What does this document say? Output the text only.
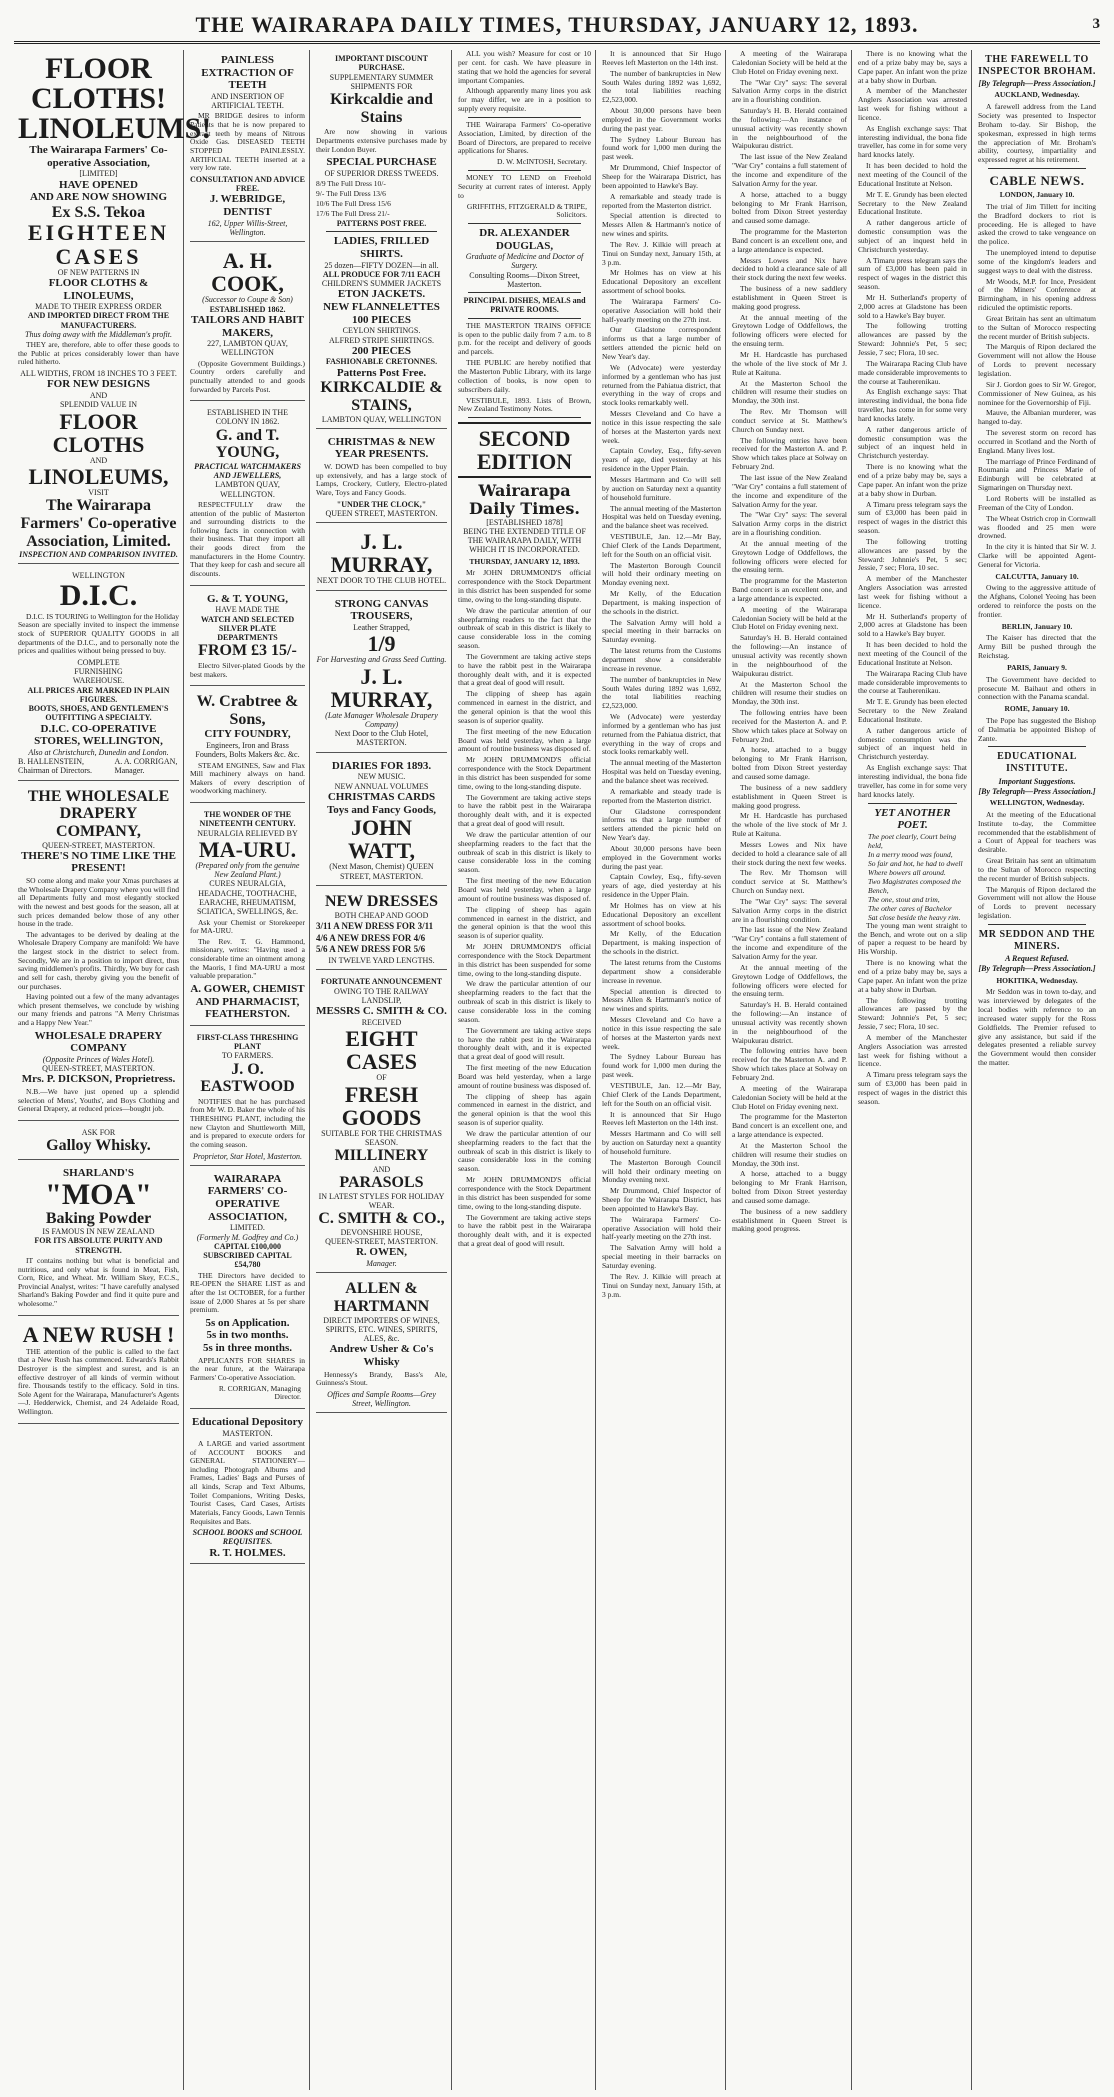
THE WAIRARAPA DAILY TIMES, THURSDAY, JANUARY 12, 1893.	3
FLOOR CLOTHS!
LINOLEUMS!
The Wairarapa Farmers' Co-operative Association,
[LIMITED]
HAVE OPENED
AND ARE NOW SHOWING
Ex S.S. Tekoa
EIGHTEEN CASES
OF NEW PATTERNS IN
FLOOR CLOTHS & LINOLEUMS,
MADE TO THEIR EXPRESS ORDER
AND IMPORTED DIRECT FROM THE MANUFACTURERS.
Thus doing away with the Middleman's profit.

THEY are, therefore, able to offer these goods to the Public at prices considerably lower than have ruled hitherto.

ALL WIDTHS, FROM 18 INCHES TO 3 FEET.
FOR NEW DESIGNS
AND
SPLENDID VALUE IN
FLOOR CLOTHS
AND
LINOLEUMS,
VISIT
The Wairarapa Farmers' Co-operative Association, Limited.
INSPECTION AND COMPARISON INVITED.
WELLINGTON
D.I.C.

D.I.C. IS TOURING to Wellington for the Holiday Season are specially invited to inspect the immense stock of SUPERIOR QUALITY GOODS in all departments of the D.I.C., and to personally note the prices and qualities without being pressed to buy.

COMPLETE
FURNISHING
WAREHOUSE.
ALL PRICES ARE MARKED IN PLAIN FIGURES.
BOOTS, SHOES, AND GENTLEMEN'S OUTFITTING A SPECIALTY.
D.I.C. CO-OPERATIVE STORES, WELLINGTON,
Also at Christchurch, Dunedin and London.
B. HALLENSTEIN, Chairman of Directors.
A. A. CORRIGAN, Manager.
THE WHOLESALE DRAPERY COMPANY,
QUEEN-STREET, MASTERTON.
THERE'S NO TIME LIKE THE PRESENT!

SO come along and make your Xmas purchases at the Wholesale Drapery Company where you will find all Departments fully and most elegantly stocked with the newest and best goods for the season, all at such prices demanded below those of any other house in the trade.

The advantages to be derived by dealing at the Wholesale Drapery Company are manifold: We have the largest stock in the district to select from. Secondly, We are in a position to import direct, thus saving middlemen's profits. Thirdly, We buy for cash and sell for cash, thereby giving you the benefit of our purchases.

Having pointed out a few of the many advantages which present themselves, we conclude by wishing our many friends and patrons "A Merry Christmas and a Happy New Year."

WHOLESALE DRAPERY COMPANY
(Opposite Princes of Wales Hotel).
QUEEN-STREET, MASTERTON.
Mrs. P. DICKSON, Proprietress.

N.B.—We have just opened up a splendid selection of Mens', Youths', and Boys Clothing and General Drapery, at reduced prices—bought job.

ASK FOR
Galloy Whisky.
SHARLAND'S
"MOA"
Baking Powder
IS FAMOUS IN NEW ZEALAND
FOR ITS ABSOLUTE PURITY AND STRENGTH.

IT contains nothing but what is beneficial and nutritious, and only what is found in Meat, Fish, Corn, Rice, and Wheat. Mr. William Skey, F.C.S., Provincial Analyst, writes: "I have carefully analysed Sharland's Baking Powder and find it quite pure and wholesome."

A NEW RUSH !

THE attention of the public is called to the fact that a New Rush has commenced. Edwards's Rabbit Destroyer is the simplest and surest, and is an effective destroyer of all kinds of vermin without fire. Thousands testify to the efficacy. Sold in tins. Sole Agent for the Wairarapa, Manufacturer's Agents—J. Hedderwick, Chemist, and 24 Adelaide Road, Wellington.

PAINLESS EXTRACTION OF TEETH
AND INSERTION OF ARTIFICIAL TEETH.

MR BRIDGE desires to inform Patients that he is now prepared to extract teeth by means of Nitrous Oxide Gas. DISEASED TEETH STOPPED PAINLESSLY. ARTIFICIAL TEETH inserted at a very low rate.

CONSULTATION AND ADVICE FREE.
J. WEBRIDGE, DENTIST
162, Upper Willis-Street, Wellington.
A. H. COOK,
(Successor to Coupe & Son)
ESTABLISHED 1862.
TAILORS AND HABIT MAKERS,
227, LAMBTON QUAY, WELLINGTON

(Opposite Government Buildings.) Country orders carefully and punctually attended to and goods forwarded by Parcels Post.

ESTABLISHED IN THE COLONY IN 1862.
G. and T. YOUNG,
PRACTICAL WATCHMAKERS AND JEWELLERS,
LAMBTON QUAY, WELLINGTON.

RESPECTFULLY draw the attention of the public of Masterton and surrounding districts to the following facts in connection with their business. That they import all their goods direct from the manufacturers in the Home Country. That they keep for cash and secure all discounts.

G. & T. YOUNG,
HAVE MADE THE
WATCH AND SELECTED SILVER PLATE DEPARTMENTS
FROM £3 15/-

Electro Silver-plated Goods by the best makers.

W. Crabtree & Sons,
CITY FOUNDRY,
Engineers, Iron and Brass Founders, Bolts Makers &c. &c.

STEAM ENGINES, Saw and Flax Mill machinery always on hand. Makers of every description of woodworking machinery.

THE WONDER OF THE NINETEENTH CENTURY.
NEURALGIA RELIEVED BY
MA-URU.
(Prepared only from the genuine New Zealand Plant.)
CURES NEURALGIA, HEADACHE, TOOTHACHE, EARACHE, RHEUMATISM, SCIATICA, SWELLINGS, &c.

Ask your Chemist or Storekeeper for MA-URU.

The Rev. T. G. Hammond, missionary, writes: "Having used a considerable time an ointment among the Maoris, I find MA-URU a most valuable preparation."

A. GOWER, CHEMIST AND PHARMACIST, FEATHERSTON.
FIRST-CLASS THRESHING PLANT
TO FARMERS.
J. O. EASTWOOD

NOTIFIES that he has purchased from Mr W. D. Baker the whole of his THRESHING PLANT, including the new Clayton and Shuttleworth Mill, and is prepared to execute orders for the coming season.

Proprietor, Star Hotel, Masterton.
WAIRARAPA FARMERS' CO-OPERATIVE ASSOCIATION,
LIMITED.
(Formerly M. Godfrey and Co.)
CAPITAL £100,000
SUBSCRIBED CAPITAL £54,780

THE Directors have decided to RE-OPEN the SHARE LIST as and after the 1st OCTOBER, for a further issue of 2,000 Shares at 5s per share premium.

5s on Application.
5s in two months.
5s in three months.

APPLICANTS FOR SHARES in the near future, at the Wairarapa Farmers' Co-operative Association.

R. CORRIGAN, Managing Director.
Educational Depository
MASTERTON.

A LARGE and varied assortment of ACCOUNT BOOKS and GENERAL STATIONERY—including Photograph Albums and Frames, Ladies' Bags and Purses of all kinds, Scrap and Text Albums, Toilet Companions, Writing Desks, Tourist Cases, Card Cases, Artists Materials, Fancy Goods, Lawn Tennis Requisites and Bats.

SCHOOL BOOKS and SCHOOL REQUISITES.
R. T. HOLMES.
IMPORTANT DISCOUNT PURCHASE.
SUPPLEMENTARY SUMMER SHIPMENTS FOR
Kirkcaldie and Stains

Are now showing in various Departments extensive purchases made by their London Buyer.

SPECIAL PURCHASE
OF SUPERIOR DRESS TWEEDS.
8/9 The Full Dress 10/-
9/- The Full Dress 13/6
10/6 The Full Dress 15/6
17/6 The Full Dress 21/-
PATTERNS POST FREE.
LADIES, FRILLED SHIRTS.
25 dozen—FIFTY DOZEN—in all.
ALL PRODUCE FOR 7/11 EACH
CHILDREN'S SUMMER JACKETS
ETON JACKETS.
NEW FLANNELETTES
100 PIECES
CEYLON SHIRTINGS.
ALFRED STRIPE SHIRTINGS.
200 PIECES
FASHIONABLE CRETONNES.
Patterns Post Free.
KIRKCALDIE & STAINS,
LAMBTON QUAY, WELLINGTON
CHRISTMAS & NEW YEAR PRESENTS.

W. DOWD has been compelled to buy up extensively, and has a large stock of Lamps, Crockery, Cutlery, Electro-plated Ware, Toys and Fancy Goods.

"UNDER THE CLOCK,"
QUEEN STREET, MASTERTON.
J. L. MURRAY,
NEXT DOOR TO THE CLUB HOTEL.
STRONG CANVAS TROUSERS,
Leather Strapped,
1/9
For Harvesting and Grass Seed Cutting.
J. L. MURRAY,
(Late Manager Wholesale Drapery Company)
Next Door to the Club Hotel, MASTERTON.
DIARIES FOR 1893.
NEW MUSIC.
NEW ANNUAL VOLUMES
CHRISTMAS CARDS
Toys and Fancy Goods,
JOHN WATT,
(Next Mason, Chemist) QUEEN STREET, MASTERTON.
NEW DRESSES
BOTH CHEAP AND GOOD
3/11 A NEW DRESS FOR 3/11
4/6 A NEW DRESS FOR 4/6
5/6 A NEW DRESS FOR 5/6
IN TWELVE YARD LENGTHS.
FORTUNATE ANNOUNCEMENT
OWING TO THE RAILWAY LANDSLIP,
MESSRS C. SMITH & CO.
RECEIVED
EIGHT CASES
OF
FRESH GOODS
SUITABLE FOR THE CHRISTMAS SEASON.
MILLINERY
AND
PARASOLS
IN LATEST STYLES FOR HOLIDAY WEAR.
C. SMITH & CO.,
DEVONSHIRE HOUSE,
QUEEN-STREET, MASTERTON.
R. OWEN,
Manager.
ALLEN & HARTMANN
DIRECT IMPORTERS OF WINES, SPIRITS, ETC. WINES, SPIRITS, ALES, &c.
Andrew Usher & Co's Whisky

Hennessy's Brandy, Bass's Ale, Guinness's Stout.

Offices and Sample Rooms—Grey Street, Wellington.

ALL you wish? Measure for cost or 10 per cent. for cash. We have pleasure in stating that we hold the agencies for several important Companies.

Although apparently many lines you ask for may differ, we are in a position to supply every requisite.

THE Wairarapa Farmers' Co-operative Association, Limited, by direction of the Board of Directors, are prepared to receive applications for Shares.

D. W. McINTOSH, Secretary.

MONEY TO LEND on Freehold Security at current rates of interest. Apply to

GRIFFITHS, FITZGERALD & TRIPE, Solicitors.
DR. ALEXANDER DOUGLAS,
Graduate of Medicine and Doctor of Surgery.
Consulting Rooms—Dixon Street, Masterton.
PRINCIPAL DISHES, MEALS and PRIVATE ROOMS.

THE MASTERTON TRAINS OFFICE is open to the public daily from 7 a.m. to 8 p.m. for the receipt and delivery of goods and parcels.

THE PUBLIC are hereby notified that the Masterton Public Library, with its large collection of books, is now open to subscribers daily.

VESTIBULE, 1893. Lists of Brown, New Zealand Testimony Notes.

SECOND EDITION
Wairarapa Daily Times.
[ESTABLISHED 1878]
BEING THE EXTENDED TITLE OF THE WAIRARAPA DAILY, WITH WHICH IT IS INCORPORATED.
THURSDAY, JANUARY 12, 1893.

Mr JOHN DRUMMOND'S official correspondence with the Stock Department in this district has been suspended for some time, owing to the long-standing dispute.

We draw the particular attention of our sheepfarming readers to the fact that the outbreak of scab in this district is likely to cause considerable loss in the coming season.

The Government are taking active steps to have the rabbit pest in the Wairarapa thoroughly dealt with, and it is expected that a great deal of good will result.

The clipping of sheep has again commenced in earnest in the district, and the general opinion is that the wool this season is of superior quality.

The first meeting of the new Education Board was held yesterday, when a large amount of routine business was disposed of.

Mr JOHN DRUMMOND'S official correspondence with the Stock Department in this district has been suspended for some time, owing to the long-standing dispute.

The Government are taking active steps to have the rabbit pest in the Wairarapa thoroughly dealt with, and it is expected that a great deal of good will result.

We draw the particular attention of our sheepfarming readers to the fact that the outbreak of scab in this district is likely to cause considerable loss in the coming season.

The first meeting of the new Education Board was held yesterday, when a large amount of routine business was disposed of.

The clipping of sheep has again commenced in earnest in the district, and the general opinion is that the wool this season is of superior quality.

Mr JOHN DRUMMOND'S official correspondence with the Stock Department in this district has been suspended for some time, owing to the long-standing dispute.

We draw the particular attention of our sheepfarming readers to the fact that the outbreak of scab in this district is likely to cause considerable loss in the coming season.

The Government are taking active steps to have the rabbit pest in the Wairarapa thoroughly dealt with, and it is expected that a great deal of good will result.

The first meeting of the new Education Board was held yesterday, when a large amount of routine business was disposed of.

The clipping of sheep has again commenced in earnest in the district, and the general opinion is that the wool this season is of superior quality.

We draw the particular attention of our sheepfarming readers to the fact that the outbreak of scab in this district is likely to cause considerable loss in the coming season.

Mr JOHN DRUMMOND'S official correspondence with the Stock Department in this district has been suspended for some time, owing to the long-standing dispute.

The Government are taking active steps to have the rabbit pest in the Wairarapa thoroughly dealt with, and it is expected that a great deal of good will result.

It is announced that Sir Hugo Reeves left Masterton on the 14th inst.

The number of bankruptcies in New South Wales during 1892 was 1,692, the total liabilities reaching £2,523,000.

About 30,000 persons have been employed in the Government works during the past year.

The Sydney Labour Bureau has found work for 1,000 men during the past week.

Mr Drummond, Chief Inspector of Sheep for the Wairarapa District, has been appointed to Hawke's Bay.

A remarkable and steady trade is reported from the Masterton district.

Special attention is directed to Messrs Allen & Hartmann's notice of new wines and spirits.

The Rev. J. Kilkie will preach at Tinui on Sunday next, January 15th, at 3 p.m.

Mr Holmes has on view at his Educational Depository an excellent assortment of school books.

The Wairarapa Farmers' Co-operative Association will hold their half-yearly meeting on the 27th inst.

Our Gladstone correspondent informs us that a large number of settlers attended the picnic held on New Year's day.

We (Advocate) were yesterday informed by a gentleman who has just returned from the Pahiatua district, that everything in the way of crops and stock looks remarkably well.

Messrs Cleveland and Co have a notice in this issue respecting the sale of horses at the Masterton yards next week.

Captain Cowley, Esq., fifty-seven years of age, died yesterday at his residence in the Upper Plain.

Messrs Hartmann and Co will sell by auction on Saturday next a quantity of household furniture.

The annual meeting of the Masterton Hospital was held on Tuesday evening, and the balance sheet was received.

VESTIBULE, Jan. 12.—Mr Bay, Chief Clerk of the Lands Department, left for the South on an official visit.

The Masterton Borough Council will hold their ordinary meeting on Monday evening next.

Mr Kelly, of the Education Department, is making inspection of the schools in the district.

The Salvation Army will hold a special meeting in their barracks on Saturday evening.

The latest returns from the Customs department show a considerable increase in revenue.

The number of bankruptcies in New South Wales during 1892 was 1,692, the total liabilities reaching £2,523,000.

We (Advocate) were yesterday informed by a gentleman who has just returned from the Pahiatua district, that everything in the way of crops and stock looks remarkably well.

The annual meeting of the Masterton Hospital was held on Tuesday evening, and the balance sheet was received.

A remarkable and steady trade is reported from the Masterton district.

Our Gladstone correspondent informs us that a large number of settlers attended the picnic held on New Year's day.

About 30,000 persons have been employed in the Government works during the past year.

Captain Cowley, Esq., fifty-seven years of age, died yesterday at his residence in the Upper Plain.

Mr Holmes has on view at his Educational Depository an excellent assortment of school books.

Mr Kelly, of the Education Department, is making inspection of the schools in the district.

The latest returns from the Customs department show a considerable increase in revenue.

Special attention is directed to Messrs Allen & Hartmann's notice of new wines and spirits.

Messrs Cleveland and Co have a notice in this issue respecting the sale of horses at the Masterton yards next week.

The Sydney Labour Bureau has found work for 1,000 men during the past week.

VESTIBULE, Jan. 12.—Mr Bay, Chief Clerk of the Lands Department, left for the South on an official visit.

It is announced that Sir Hugo Reeves left Masterton on the 14th inst.

Messrs Hartmann and Co will sell by auction on Saturday next a quantity of household furniture.

The Masterton Borough Council will hold their ordinary meeting on Monday evening next.

Mr Drummond, Chief Inspector of Sheep for the Wairarapa District, has been appointed to Hawke's Bay.

The Wairarapa Farmers' Co-operative Association will hold their half-yearly meeting on the 27th inst.

The Salvation Army will hold a special meeting in their barracks on Saturday evening.

The Rev. J. Kilkie will preach at Tinui on Sunday next, January 15th, at 3 p.m.

A meeting of the Wairarapa Caledonian Society will be held at the Club Hotel on Friday evening next.

The "War Cry" says: The several Salvation Army corps in the district are in a flourishing condition.

Saturday's H. B. Herald contained the following:—An instance of unusual activity was recently shown in the neighbourhood of the Waipukurau district.

The last issue of the New Zealand "War Cry" contains a full statement of the income and expenditure of the Salvation Army for the year.

A horse, attached to a buggy belonging to Mr Frank Harrison, bolted from Dixon Street yesterday and caused some damage.

The programme for the Masterton Band concert is an excellent one, and a large attendance is expected.

Messrs Lowes and Nix have decided to hold a clearance sale of all their stock during the next few weeks.

The business of a new saddlery establishment in Queen Street is making good progress.

At the annual meeting of the Greytown Lodge of Oddfellows, the following officers were elected for the ensuing term.

Mr H. Hardcastle has purchased the whole of the live stock of Mr J. Rule at Kaituna.

At the Masterton School the children will resume their studies on Monday, the 30th inst.

The Rev. Mr Thomson will conduct service at St. Matthew's Church on Sunday next.

The following entries have been received for the Masterton A. and P. Show which takes place at Solway on February 2nd.

The last issue of the New Zealand "War Cry" contains a full statement of the income and expenditure of the Salvation Army for the year.

The "War Cry" says: The several Salvation Army corps in the district are in a flourishing condition.

At the annual meeting of the Greytown Lodge of Oddfellows, the following officers were elected for the ensuing term.

The programme for the Masterton Band concert is an excellent one, and a large attendance is expected.

A meeting of the Wairarapa Caledonian Society will be held at the Club Hotel on Friday evening next.

Saturday's H. B. Herald contained the following:—An instance of unusual activity was recently shown in the neighbourhood of the Waipukurau district.

At the Masterton School the children will resume their studies on Monday, the 30th inst.

The following entries have been received for the Masterton A. and P. Show which takes place at Solway on February 2nd.

A horse, attached to a buggy belonging to Mr Frank Harrison, bolted from Dixon Street yesterday and caused some damage.

The business of a new saddlery establishment in Queen Street is making good progress.

Mr H. Hardcastle has purchased the whole of the live stock of Mr J. Rule at Kaituna.

Messrs Lowes and Nix have decided to hold a clearance sale of all their stock during the next few weeks.

The Rev. Mr Thomson will conduct service at St. Matthew's Church on Sunday next.

The "War Cry" says: The several Salvation Army corps in the district are in a flourishing condition.

The last issue of the New Zealand "War Cry" contains a full statement of the income and expenditure of the Salvation Army for the year.

At the annual meeting of the Greytown Lodge of Oddfellows, the following officers were elected for the ensuing term.

Saturday's H. B. Herald contained the following:—An instance of unusual activity was recently shown in the neighbourhood of the Waipukurau district.

The following entries have been received for the Masterton A. and P. Show which takes place at Solway on February 2nd.

A meeting of the Wairarapa Caledonian Society will be held at the Club Hotel on Friday evening next.

The programme for the Masterton Band concert is an excellent one, and a large attendance is expected.

At the Masterton School the children will resume their studies on Monday, the 30th inst.

A horse, attached to a buggy belonging to Mr Frank Harrison, bolted from Dixon Street yesterday and caused some damage.

The business of a new saddlery establishment in Queen Street is making good progress.

There is no knowing what the end of a prize baby may be, says a Cape paper. An infant won the prize at a baby show in Durban.

A member of the Manchester Anglers Association was arrested last week for fishing without a licence.

As English exchange says: That interesting individual, the bona fide traveller, has come in for some very hard knocks lately.

It has been decided to hold the next meeting of the Council of the Educational Institute at Nelson.

Mr T. E. Grundy has been elected Secretary to the New Zealand Educational Institute.

A rather dangerous article of domestic consumption was the subject of an inquest held in Christchurch yesterday.

A Timaru press telegram says the sum of £3,000 has been paid in respect of wages in the district this season.

Mr H. Sutherland's property of 2,000 acres at Gladstone has been sold to a Hawke's Bay buyer.

The following trotting allowances are passed by the Steward: Johnnie's Pet, 5 sec; Jessie, 7 sec; Flora, 10 sec.

The Wairarapa Racing Club have made considerable improvements to the course at Tauherenikau.

As English exchange says: That interesting individual, the bona fide traveller, has come in for some very hard knocks lately.

A rather dangerous article of domestic consumption was the subject of an inquest held in Christchurch yesterday.

There is no knowing what the end of a prize baby may be, says a Cape paper. An infant won the prize at a baby show in Durban.

A Timaru press telegram says the sum of £3,000 has been paid in respect of wages in the district this season.

The following trotting allowances are passed by the Steward: Johnnie's Pet, 5 sec; Jessie, 7 sec; Flora, 10 sec.

A member of the Manchester Anglers Association was arrested last week for fishing without a licence.

Mr H. Sutherland's property of 2,000 acres at Gladstone has been sold to a Hawke's Bay buyer.

It has been decided to hold the next meeting of the Council of the Educational Institute at Nelson.

The Wairarapa Racing Club have made considerable improvements to the course at Tauherenikau.

Mr T. E. Grundy has been elected Secretary to the New Zealand Educational Institute.

A rather dangerous article of domestic consumption was the subject of an inquest held in Christchurch yesterday.

As English exchange says: That interesting individual, the bona fide traveller, has come in for some very hard knocks lately.

YET ANOTHER POET.
The poet clearly, Court being held,
In a merry mood was found,
So fair and hot, he had to dwell
Where bowers all around.
Two Magistrates composed the Bench,
The one, stout and trim,
The other cares of Bachelor
Sat close beside the heavy rim.

The young man went straight to the Bench, and wrote out on a slip of paper a request to be heard by His Worship.

There is no knowing what the end of a prize baby may be, says a Cape paper. An infant won the prize at a baby show in Durban.

The following trotting allowances are passed by the Steward: Johnnie's Pet, 5 sec; Jessie, 7 sec; Flora, 10 sec.

A member of the Manchester Anglers Association was arrested last week for fishing without a licence.

A Timaru press telegram says the sum of £3,000 has been paid in respect of wages in the district this season.

THE FAREWELL TO INSPECTOR BROHAM.
[By Telegraph—Press Association.]
AUCKLAND, Wednesday.

A farewell address from the Land Society was presented to Inspector Broham to-day. Sir Bishop, the spokesman, expressed in high terms the appreciation of Mr. Broham's ability, courtesy, impartiality and expressed regret at his retirement.

CABLE NEWS.
LONDON, January 10.

The trial of Jim Tillett for inciting the Bradford dockers to riot is proceeding. He is alleged to have asked the crowd to take vengeance on the police.

The unemployed intend to deputise some of the kingdom's leaders and suggest ways to deal with the distress.

Mr Woods, M.P. for Ince, President of the Miners' Conference at Birmingham, in his opening address ridiculed the optimistic reports.

Great Britain has sent an ultimatum to the Sultan of Morocco respecting the recent murder of British subjects.

The Marquis of Ripon declared the Government will not allow the House of Lords to prevent necessary legislation.

Sir J. Gordon goes to Sir W. Gregor, Commissioner of New Guinea, as his nominee for the Governorship of Fiji.

Mauve, the Albanian murderer, was hanged to-day.

The severest storm on record has occurred in Scotland and the North of England. Many lives lost.

The marriage of Prince Ferdinand of Roumania and Princess Marie of Edinburgh will be celebrated at Sigmaringen on Thursday next.

Lord Roberts will be installed as Freeman of the City of London.

The Wheat Ostrich crop in Cornwall was flooded and 25 men were drowned.

In the city it is hinted that Sir W. J. Clarke will be appointed Agent-General for Victoria.

CALCUTTA, January 10.

Owing to the aggressive attitude of the Afghans, Colonel Yeoing has been ordered to reinforce the posts on the frontier.

BERLIN, January 10.

The Kaiser has directed that the Army Bill be pushed through the Reichstag.

PARIS, January 9.

The Government have decided to prosecute M. Baihaut and others in connection with the Panama scandal.

ROME, January 10.

The Pope has suggested the Bishop of Dalmatia be appointed Bishop of Zante.

EDUCATIONAL INSTITUTE.
Important Suggestions.
[By Telegraph—Press Association.]
WELLINGTON, Wednesday.

At the meeting of the Educational Institute to-day, the Committee recommended that the establishment of a Court of Appeal for teachers was desirable.

Great Britain has sent an ultimatum to the Sultan of Morocco respecting the recent murder of British subjects.

The Marquis of Ripon declared the Government will not allow the House of Lords to prevent necessary legislation.

MR SEDDON AND THE MINERS.
A Request Refused.
[By Telegraph—Press Association.]
HOKITIKA, Wednesday.

Mr Seddon was in town to-day, and was interviewed by delegates of the local bodies with reference to an increased water supply for the Ross Goldfields. The Premier refused to give any assistance, but said if the delegates presented a reliable survey the Government would then consider the matter.
